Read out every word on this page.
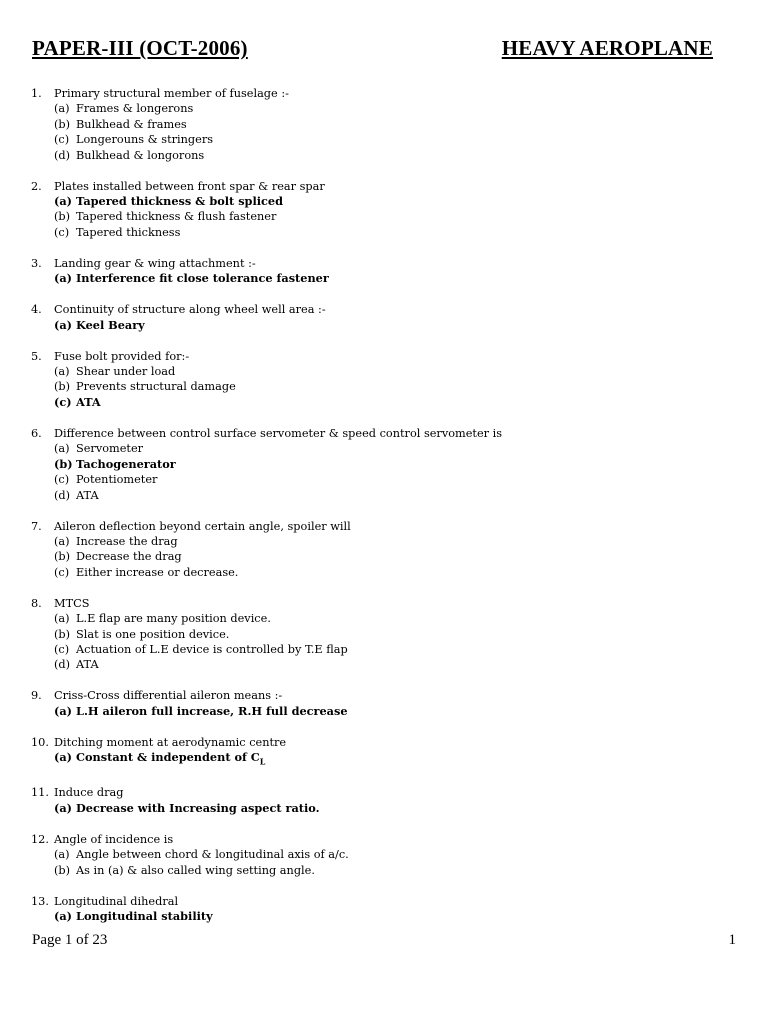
PAPER-III (OCT-2006)	HEAVY AEROPLANE
1.	Primary structural member of fuselage :-
(a) Frames & longerons
(b) Bulkhead & frames
(c) Longerouns & stringers
(d) Bulkhead & longorons
2.	Plates installed between front spar & rear spar
(a) Tapered thickness & bolt spliced
(b) Tapered thickness & flush fastener
(c) Tapered thickness
3.	Landing gear & wing attachment :-
(a) Interference fit close tolerance fastener
4.	Continuity of structure along wheel well area :-
(a) Keel Beary
5.	Fuse bolt provided for:-
(a) Shear under load
(b) Prevents structural damage
(c) ATA
6.	Difference between control surface servometer & speed control servometer is
(a) Servometer
(b) Tachogenerator
(c) Potentiometer
(d) ATA
7.	Aileron deflection beyond certain angle, spoiler will
(a) Increase the drag
(b) Decrease the drag
(c) Either increase or decrease.
8.	MTCS
(a) L.E flap are many position device.
(b) Slat is one position device.
(c) Actuation of L.E device is controlled by T.E flap
(d) ATA
9.	Criss-Cross differential aileron means :-
(a) L.H aileron full increase, R.H full decrease
10. Ditching moment at aerodynamic centre
(a) Constant & independent of $C_L$
11. Induce drag
(a) Decrease with Increasing aspect ratio.
12. Angle of incidence is
(a) Angle between chord & longitudinal axis of a/c.
(b) As in (a) & also called wing setting angle.
13. Longitudinal dihedral
(a) Longitudinal stability
Page 1 of 23	1
